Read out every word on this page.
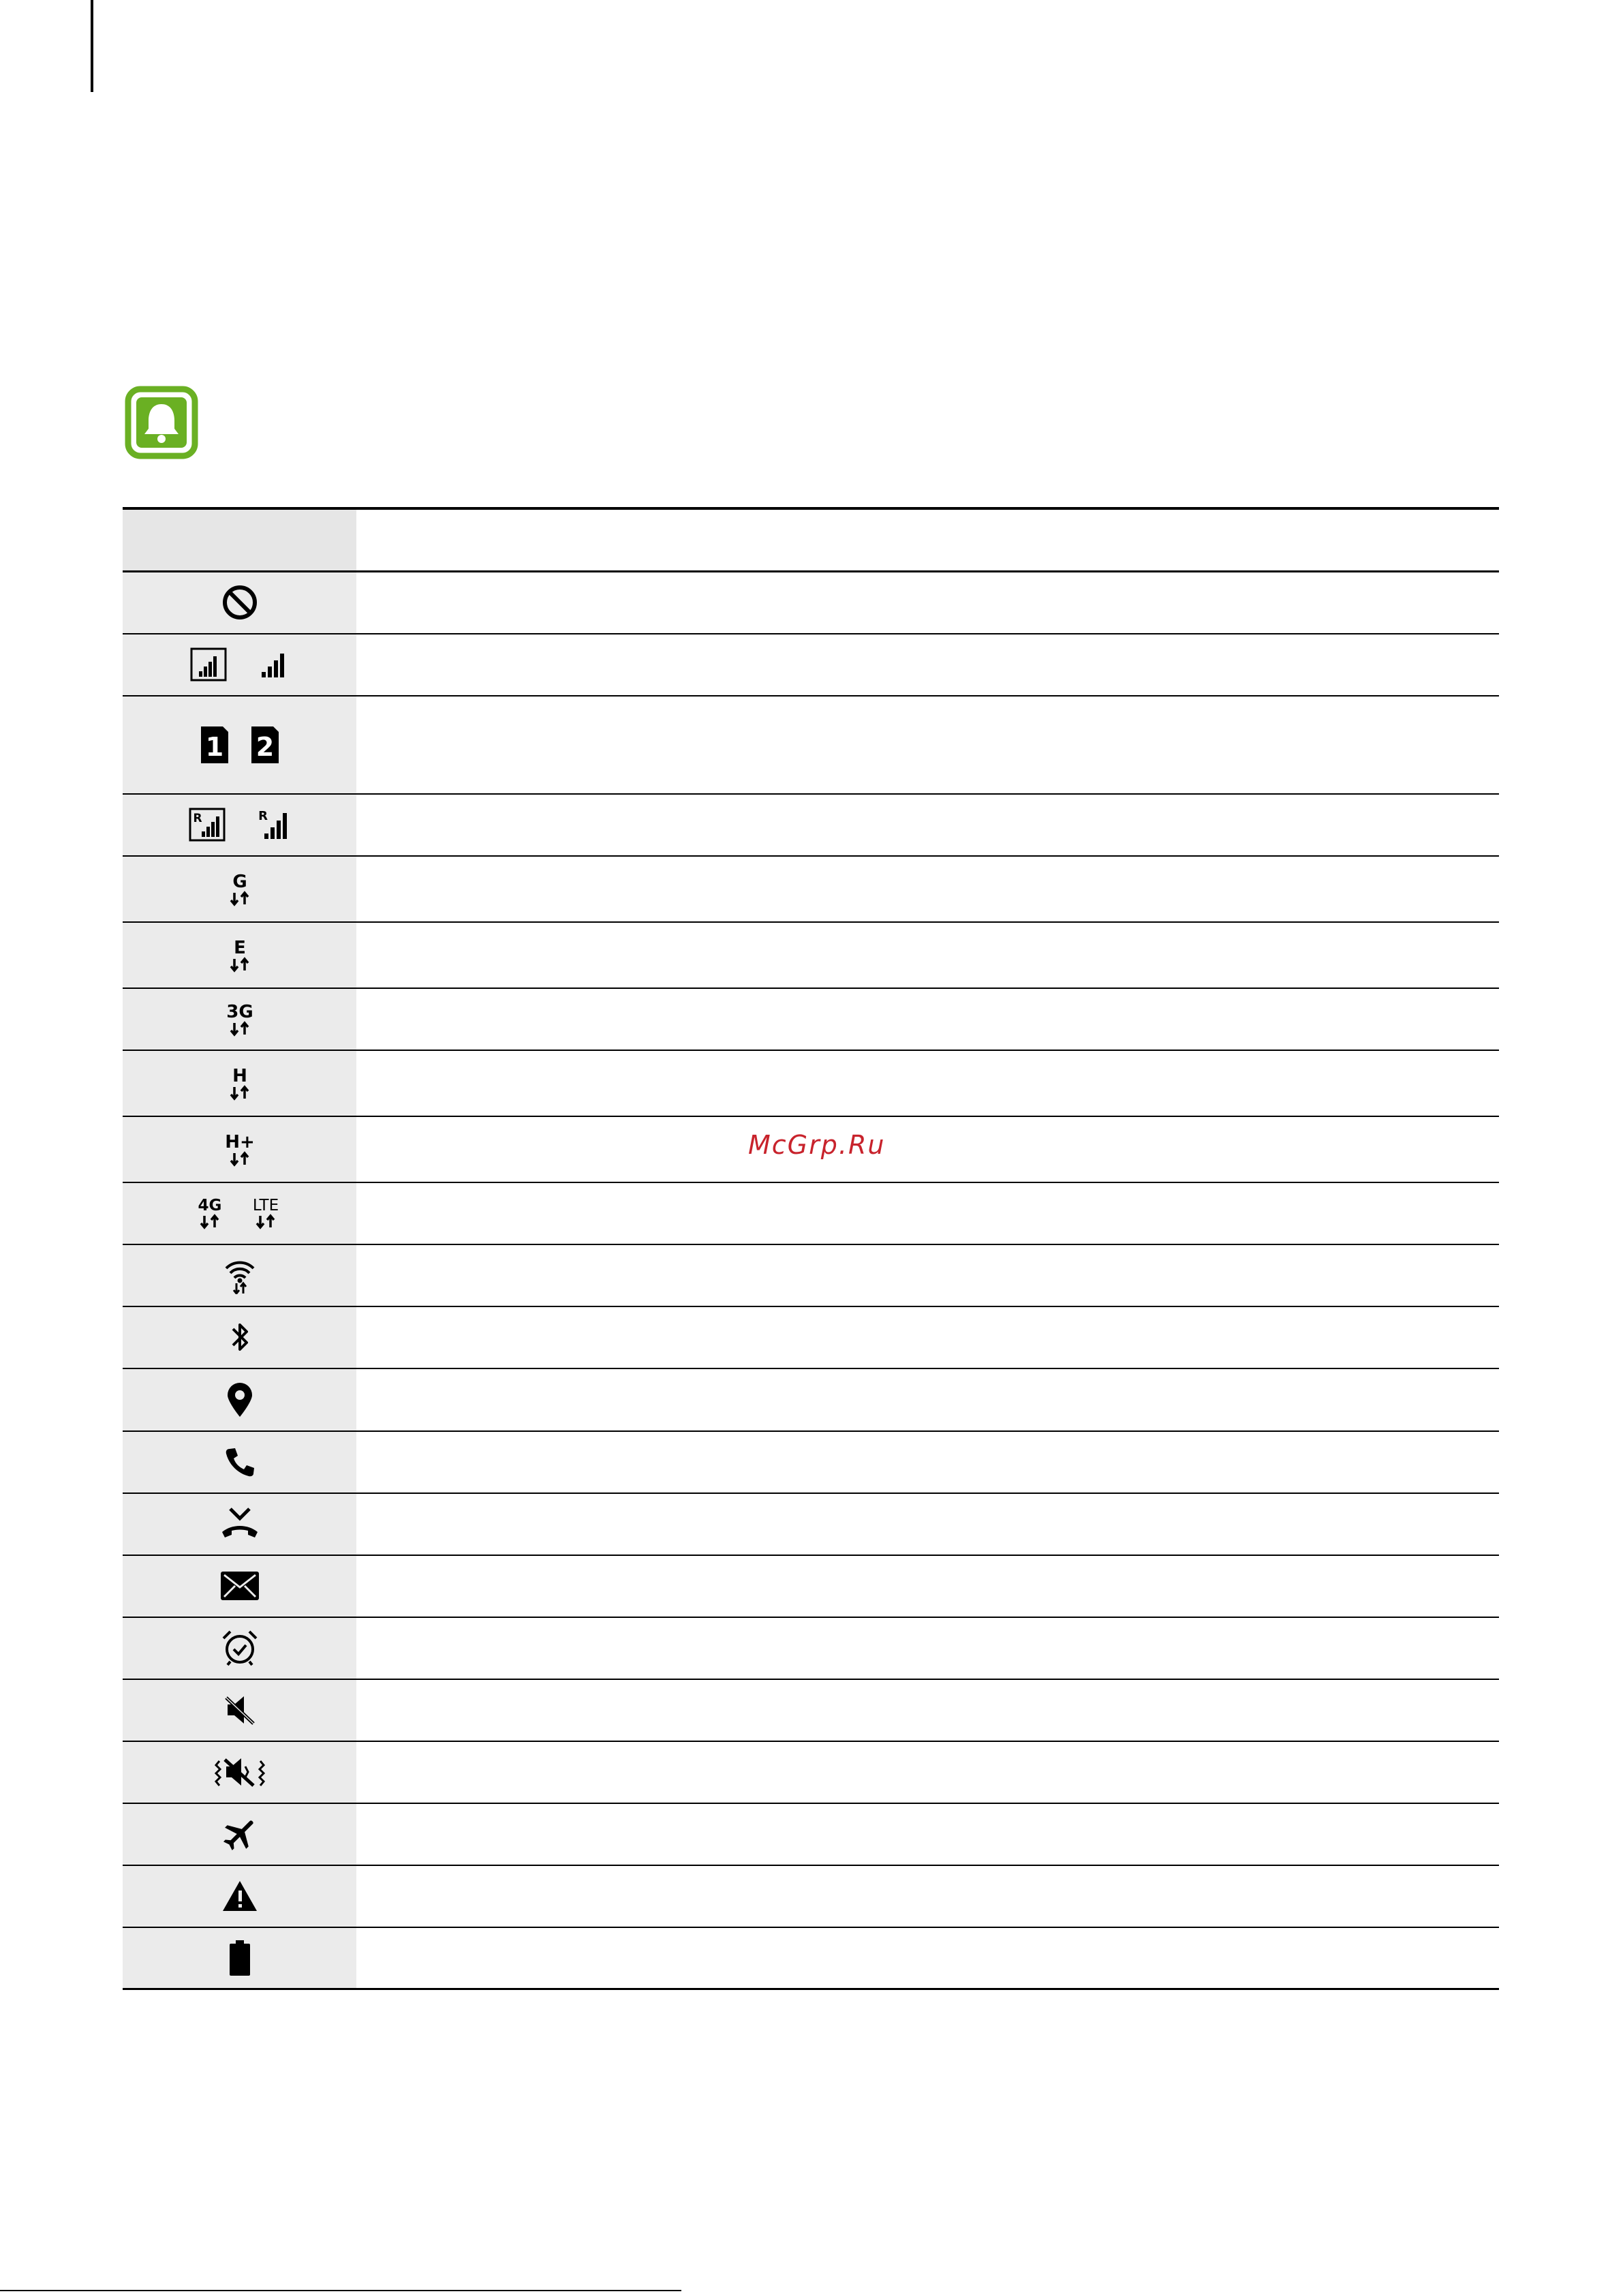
1 2	

R R	

G	

E	

3G	

H	

H+	

4G LTE	

McGrp.Ru
